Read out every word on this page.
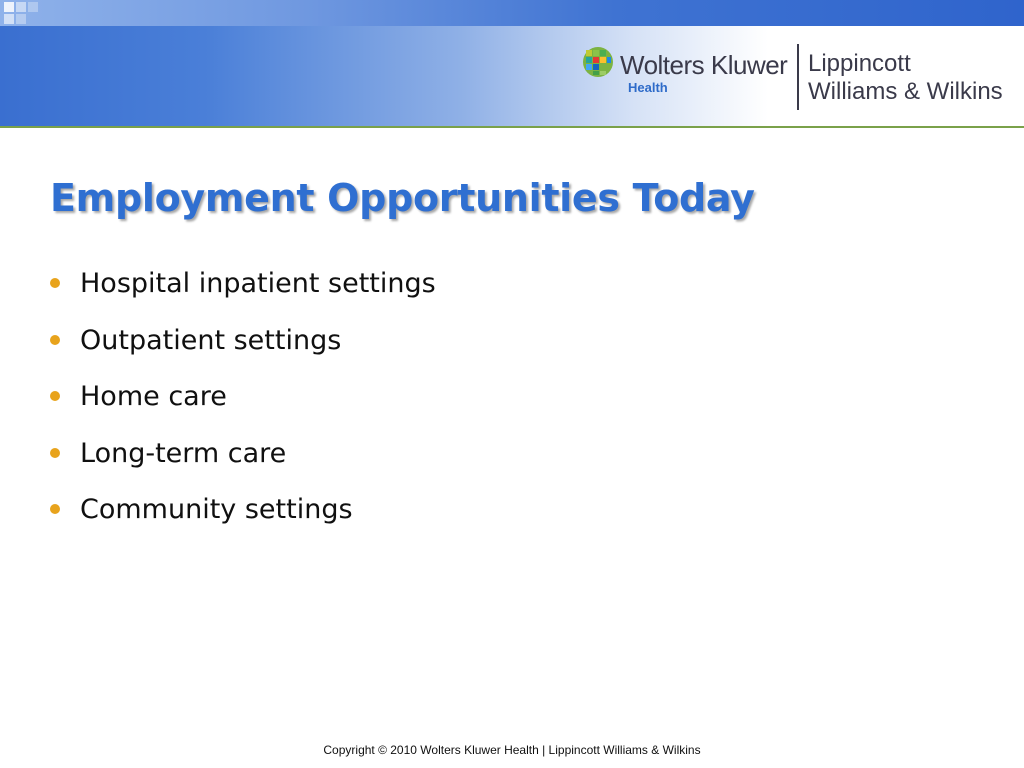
Wolters Kluwer
Health
Lippincott
Williams & Wilkins
Employment Opportunities Today
Hospital inpatient settings
Outpatient settings
Home care
Long-term care
Community settings
Copyright © 2010 Wolters Kluwer Health | Lippincott Williams & Wilkins
